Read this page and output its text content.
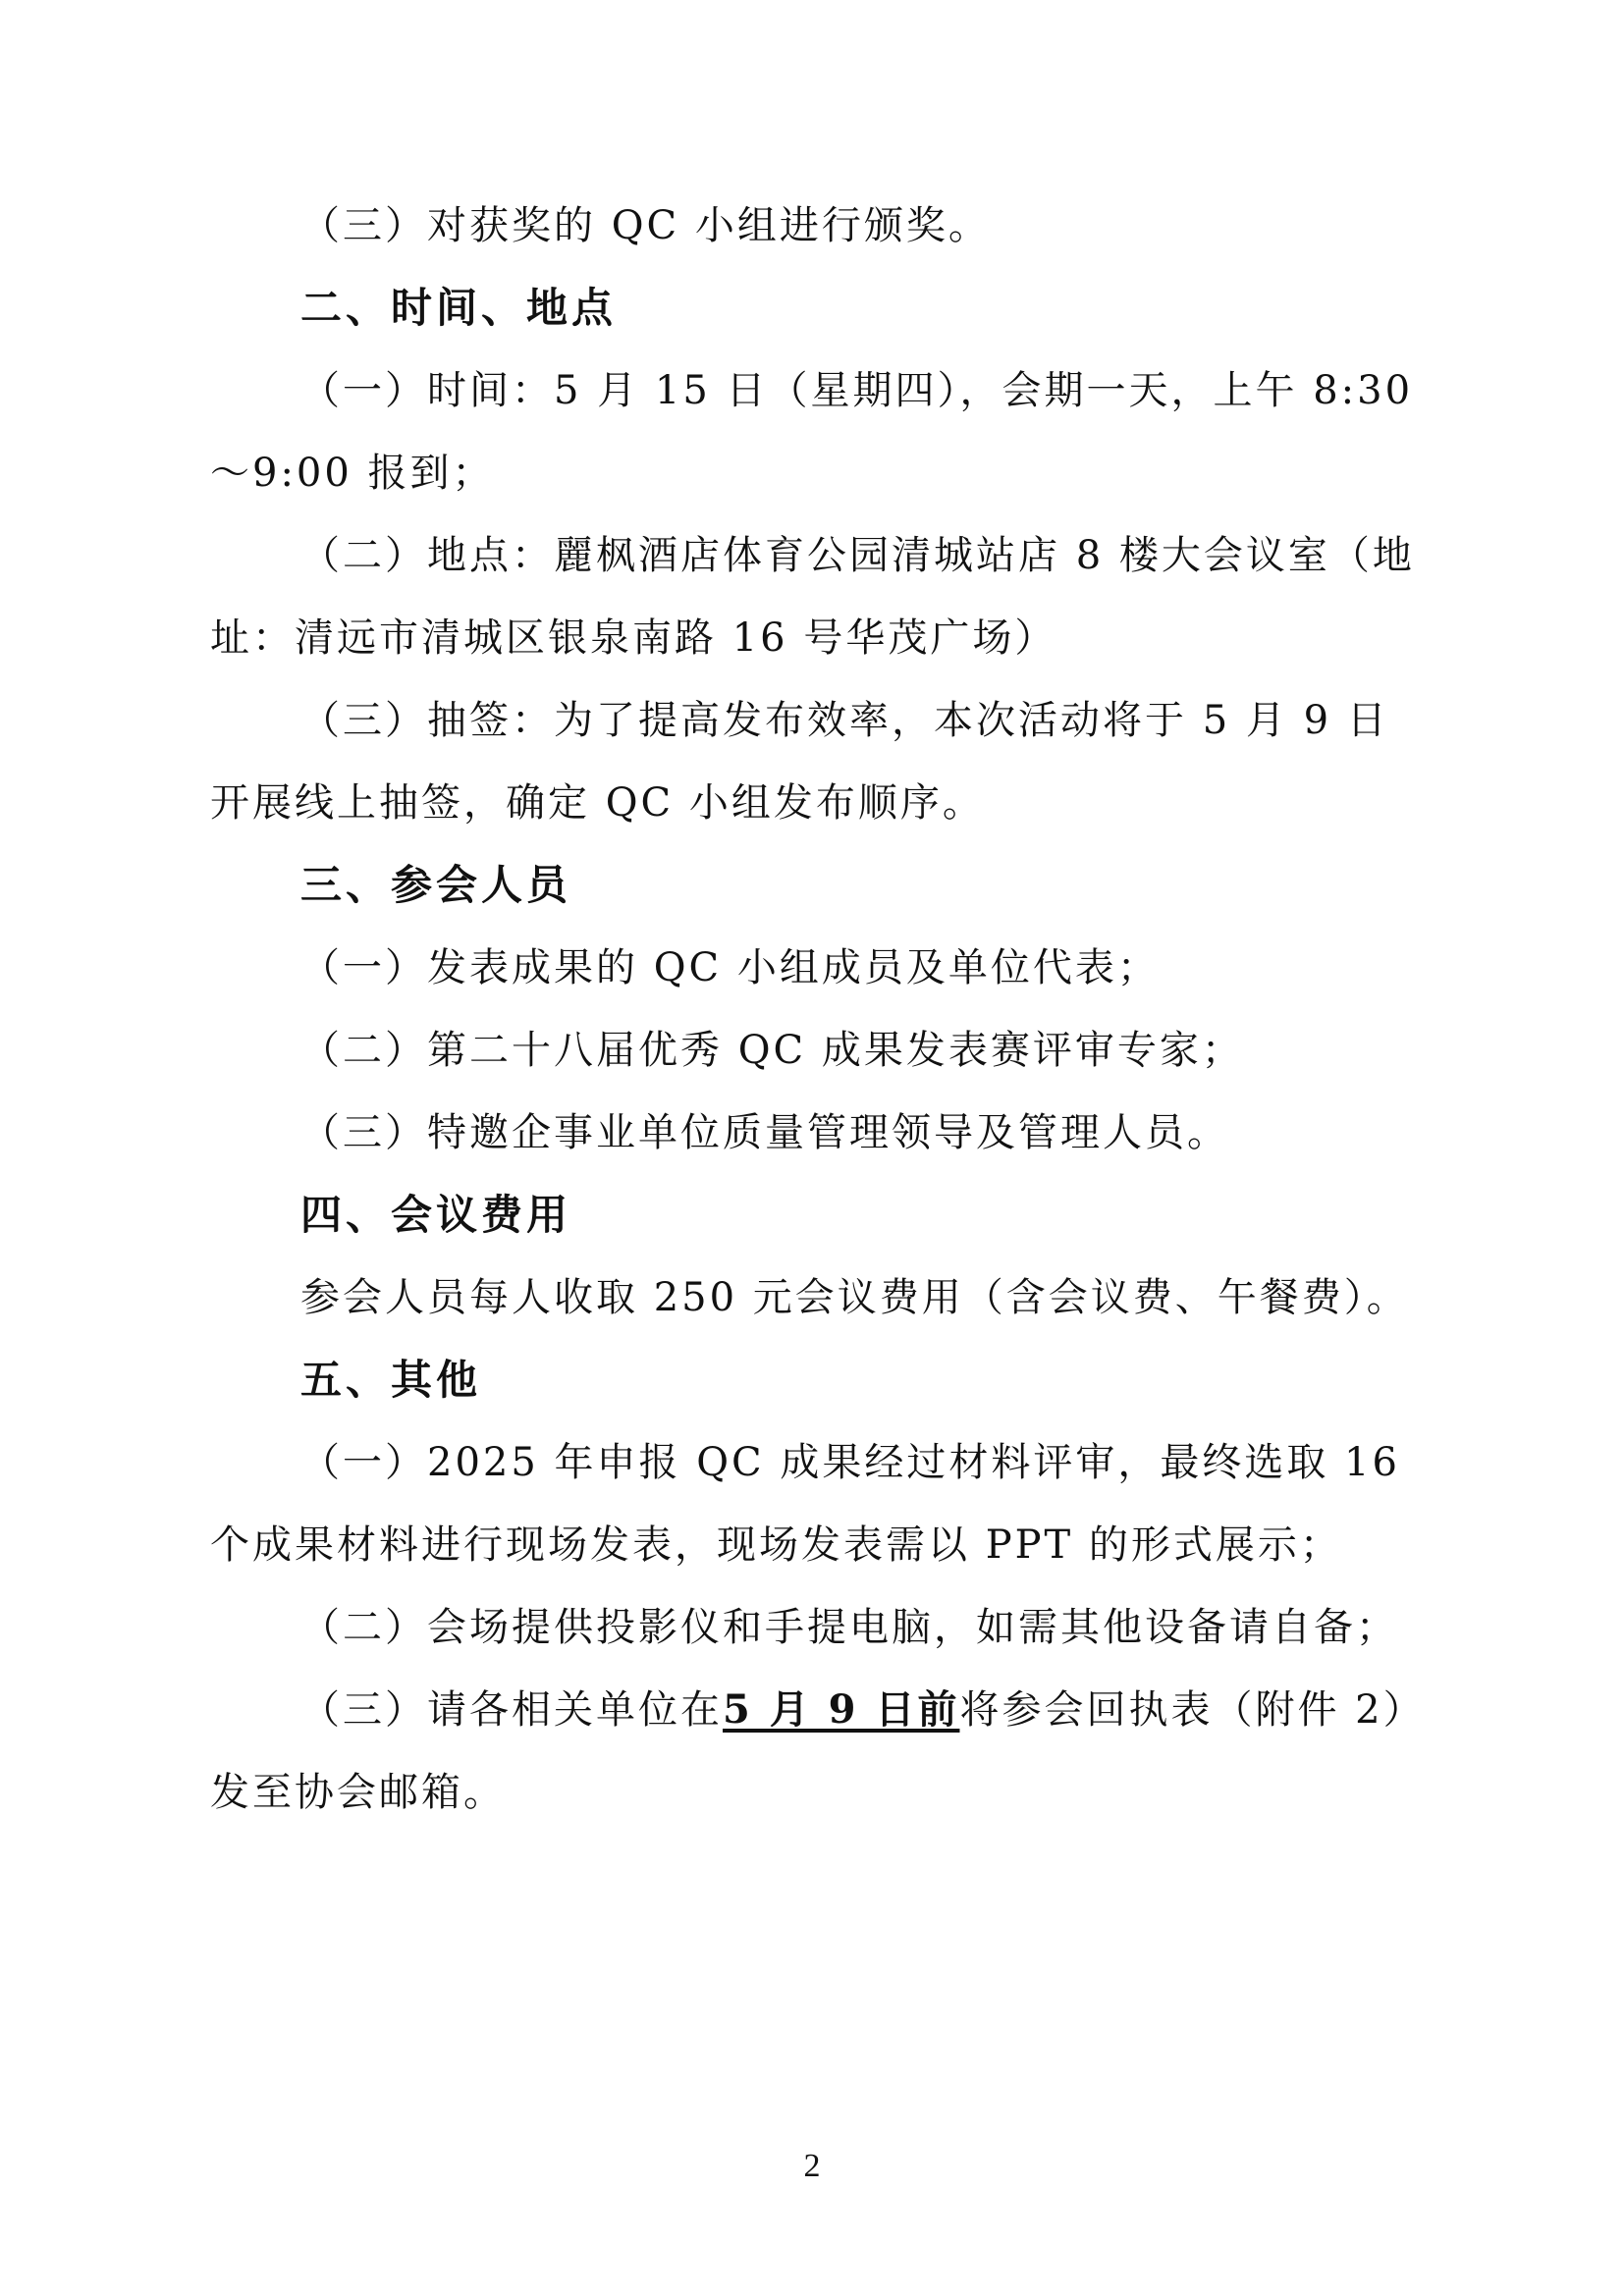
（三）对获奖的 QC 小组进行颁奖。

二、时间、地点

（一）时间：5 月 15 日（星期四），会期一天，上午 8:30～9:00 报到；

（二）地点：麗枫酒店体育公园清城站店 8 楼大会议室（地址：清远市清城区银泉南路 16 号华茂广场）

（三）抽签：为了提高发布效率，本次活动将于 5 月 9 日开展线上抽签，确定 QC 小组发布顺序。

三、参会人员

（一）发表成果的 QC 小组成员及单位代表；

（二）第二十八届优秀 QC 成果发表赛评审专家；

（三）特邀企事业单位质量管理领导及管理人员。

四、会议费用

参会人员每人收取 250 元会议费用（含会议费、午餐费）。

五、其他

（一）2025 年申报 QC 成果经过材料评审，最终选取 16 个成果材料进行现场发表，现场发表需以 PPT 的形式展示；

（二）会场提供投影仪和手提电脑，如需其他设备请自备；

（三）请各相关单位在5 月 9 日前将参会回执表（附件 2）发至协会邮箱。

2
